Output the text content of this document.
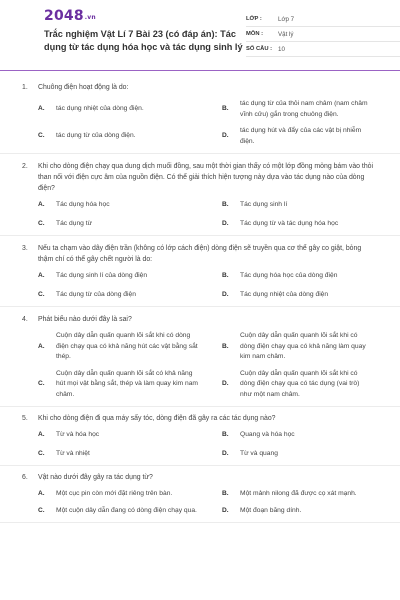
2048.vn
Trắc nghiệm Vật Lí 7 Bài 23 (có đáp án): Tác dụng từ tác dụng hóa học và tác dụng sinh lý
LỚP :	Lớp 7
MÔN :	Vật lý
SỐ CÂU : 10
1.	Chuông điện hoạt động là do:
A.	tác dụng nhiệt của dòng điện.	B.
tác dụng từ của thỏi nam châm (nam châm vĩnh cửu) gắn trong chuông điện.
C.	tác dụng từ của dòng điện.	D.
tác dụng hút và đẩy của các vật bị nhiễm điện.
2.	Khi cho dòng điện chạy qua dung dịch muối đồng, sau một thời gian thấy có một lớp đồng mỏng bám vào thỏi than nối với điện cực âm của nguồn điện. Có thể giải thích hiện tượng này dựa vào tác dụng nào của dòng điện?
A.	Tác dụng hóa học	B.	Tác dụng sinh lí
C.	Tác dụng từ	D.	Tác dụng từ và tác dụng hóa học
3.	Nếu ta chạm vào dây điện trần (không có lớp cách điện) dòng điện sẽ truyền qua cơ thể gây co giật, bỏng thậm chí có thể gây chết người là do:
A.	Tác dụng sinh lí của dòng điện	B.	Tác dụng hóa học của dòng điện
C.	Tác dụng từ của dòng điện	D.	Tác dụng nhiệt của dòng điện
4.	Phát biểu nào dưới đây là sai?
A.
Cuộn dây dẫn quấn quanh lõi sắt khi có dòng điện chạy qua có khả năng hút các vật bằng sắt thép.
B.
Cuộn dây dẫn quấn quanh lõi sắt khi có dòng điện chạy qua có khả năng làm quay kim nam châm.
C.
Cuộn dây dẫn quấn quanh lõi sắt có khả năng hút mọi vật bằng sắt, thép và làm quay kim nam châm.
D.
Cuộn dây dẫn quấn quanh lõi sắt khi có dòng điện chạy qua có tác dụng (vai trò) như một nam châm.
5.	Khi cho dòng điện đi qua máy sấy tóc, dòng điện đã gây ra các tác dụng nào?
A.	Từ và hóa học	B.	Quang và hóa học
C.	Từ và nhiệt	D.	Từ và quang
6.	Vật nào dưới đây gây ra tác dụng từ?
A.	Một cục pin còn mới đặt riêng trên bàn.	B.	Một mảnh nilong đã được cọ xát mạnh.
C.	Một cuộn dây dẫn đang có dòng điện chạy qua.	D.	Một đoạn băng dính.
